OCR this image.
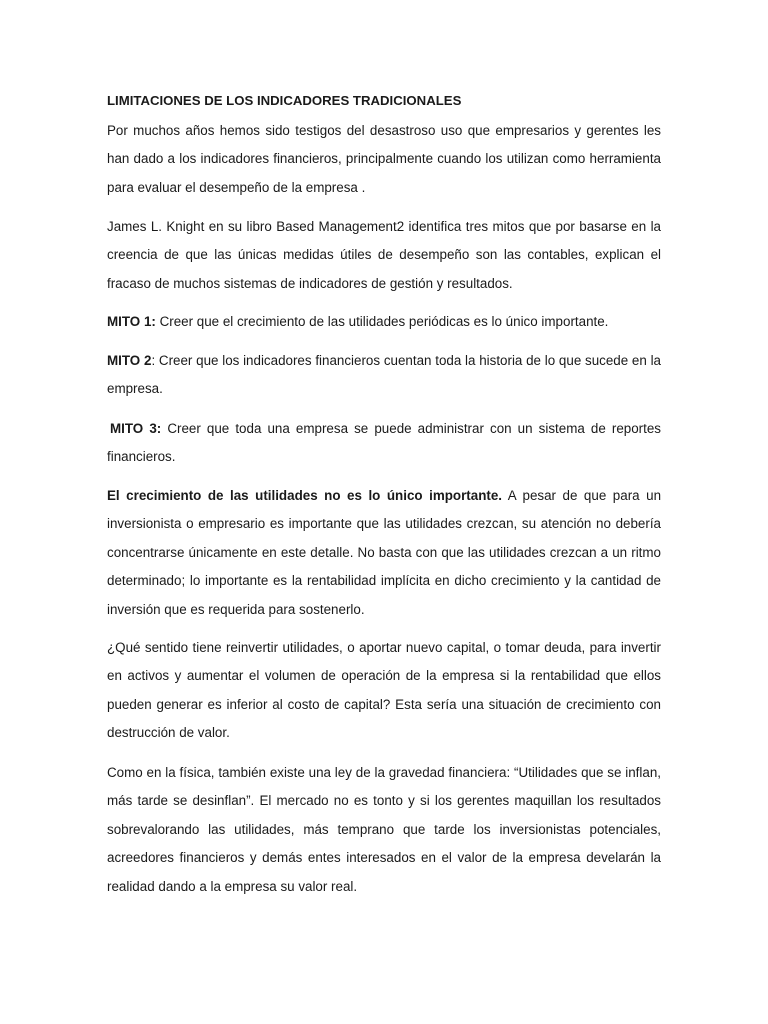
LIMITACIONES DE LOS INDICADORES TRADICIONALES
Por muchos años hemos sido testigos del desastroso uso que empresarios y gerentes les han dado a los indicadores financieros, principalmente cuando los utilizan como herramienta para evaluar el desempeño de la empresa .
James L. Knight en su libro Based Management2 identifica tres mitos que por basarse en la creencia de que las únicas medidas útiles de desempeño son las contables, explican el fracaso de muchos sistemas de indicadores de gestión y resultados.
MITO 1: Creer que el crecimiento de las utilidades periódicas es lo único importante.
MITO 2: Creer que los indicadores financieros cuentan toda la historia de lo que sucede en la empresa.
MITO 3: Creer que toda una empresa se puede administrar con un sistema de reportes financieros.
El crecimiento de las utilidades no es lo único importante. A pesar de que para un inversionista o empresario es importante que las utilidades crezcan, su atención no debería concentrarse únicamente en este detalle. No basta con que las utilidades crezcan a un ritmo determinado; lo importante es la rentabilidad implícita en dicho crecimiento y la cantidad de inversión que es requerida para sostenerlo.
¿Qué sentido tiene reinvertir utilidades, o aportar nuevo capital, o tomar deuda, para invertir en activos y aumentar el volumen de operación de la empresa si la rentabilidad que ellos pueden generar es inferior al costo de capital? Esta sería una situación de crecimiento con destrucción de valor.
Como en la física, también existe una ley de la gravedad financiera: “Utilidades que se inflan, más tarde se desinflan”. El mercado no es tonto y si los gerentes maquillan los resultados sobrevalorando las utilidades, más temprano que tarde los inversionistas potenciales, acreedores financieros y demás entes interesados en el valor de la empresa develarán la realidad dando a la empresa su valor real.
